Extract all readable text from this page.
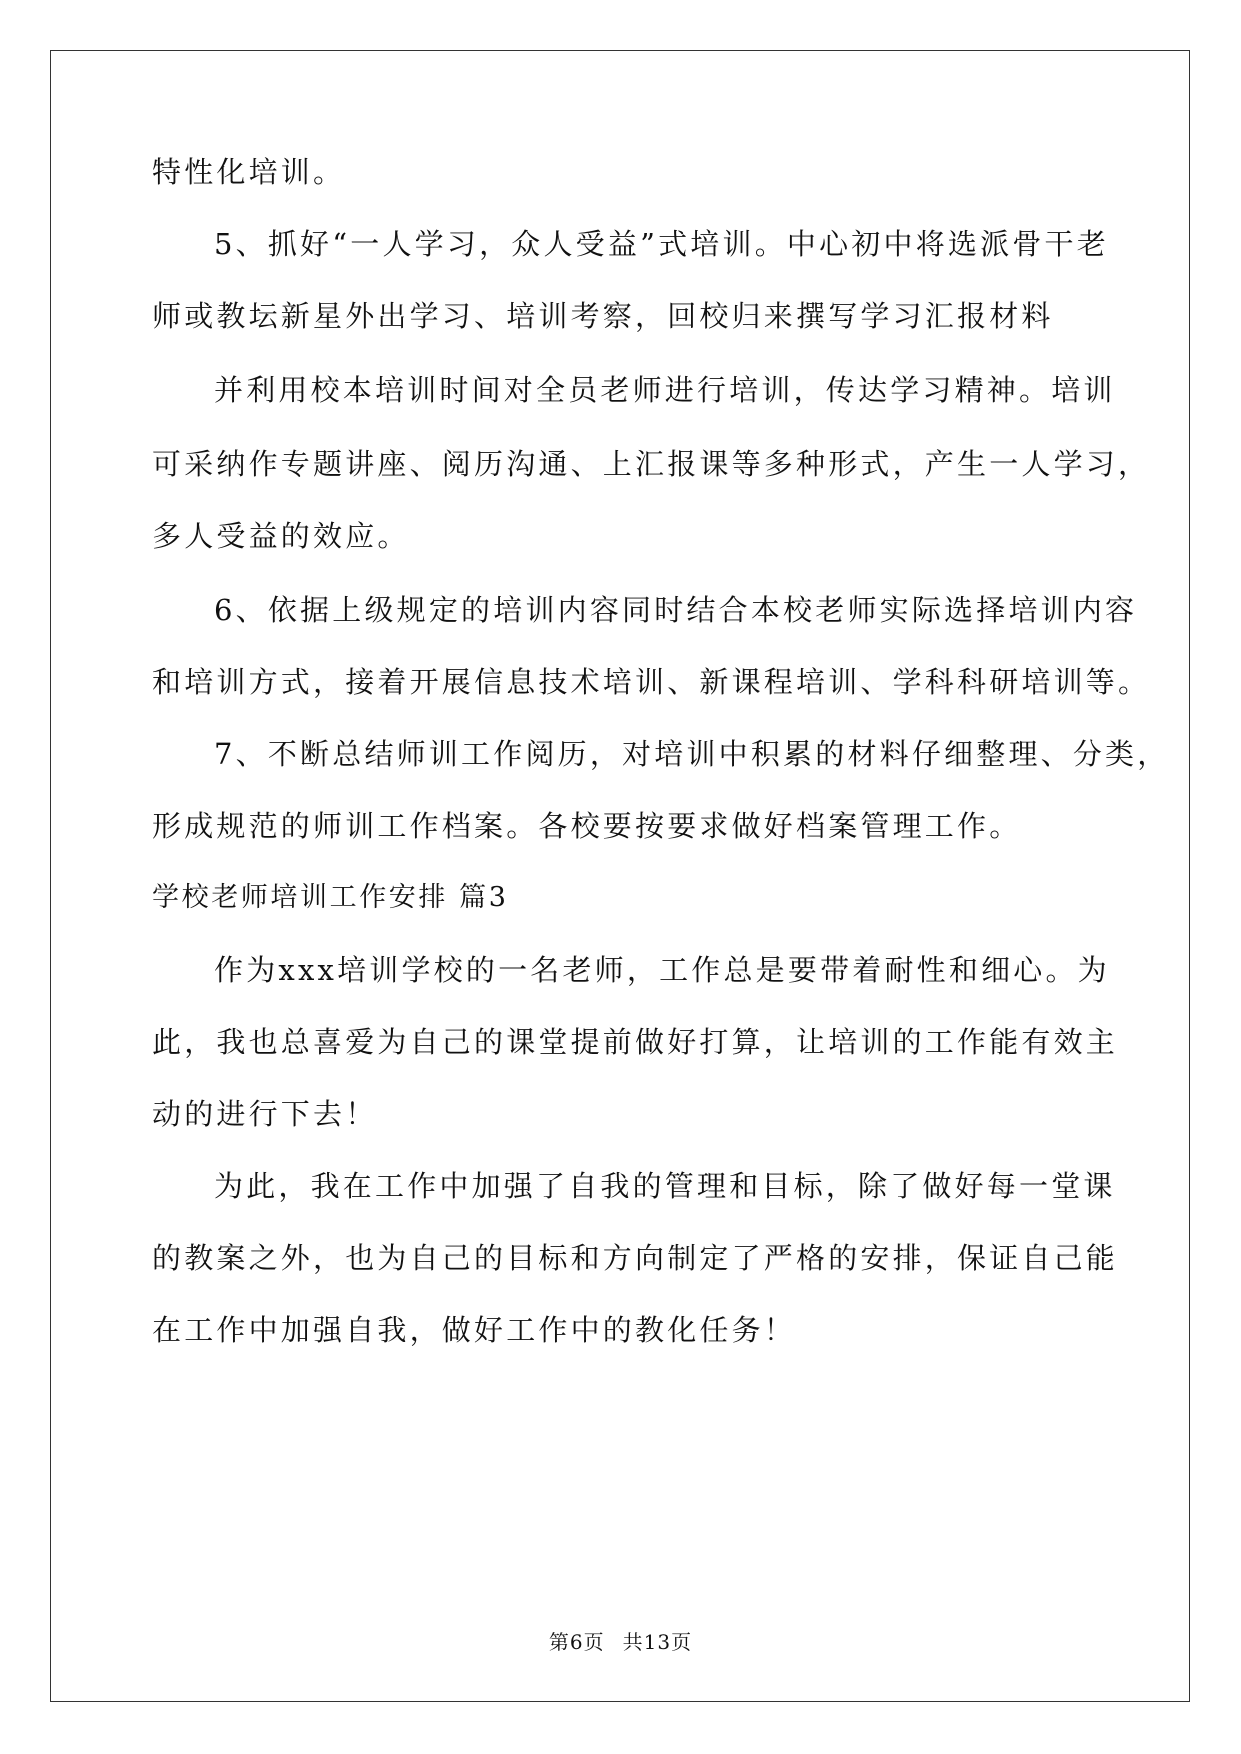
特性化培训。
5、抓好“一人学习，众人受益”式培训。中心初中将选派骨干老
师或教坛新星外出学习、培训考察，回校归来撰写学习汇报材料
并利用校本培训时间对全员老师进行培训，传达学习精神。培训
可采纳作专题讲座、阅历沟通、上汇报课等多种形式，产生一人学习，
多人受益的效应。
6、依据上级规定的培训内容同时结合本校老师实际选择培训内容
和培训方式，接着开展信息技术培训、新课程培训、学科科研培训等。
7、不断总结师训工作阅历，对培训中积累的材料仔细整理、分类，
形成规范的师训工作档案。各校要按要求做好档案管理工作。
学校老师培训工作安排 篇3
作为xxx培训学校的一名老师，工作总是要带着耐性和细心。为
此，我也总喜爱为自己的课堂提前做好打算，让培训的工作能有效主
动的进行下去！
为此，我在工作中加强了自我的管理和目标，除了做好每一堂课
的教案之外，也为自己的目标和方向制定了严格的安排，保证自己能
在工作中加强自我，做好工作中的教化任务！
第6页 共13页
